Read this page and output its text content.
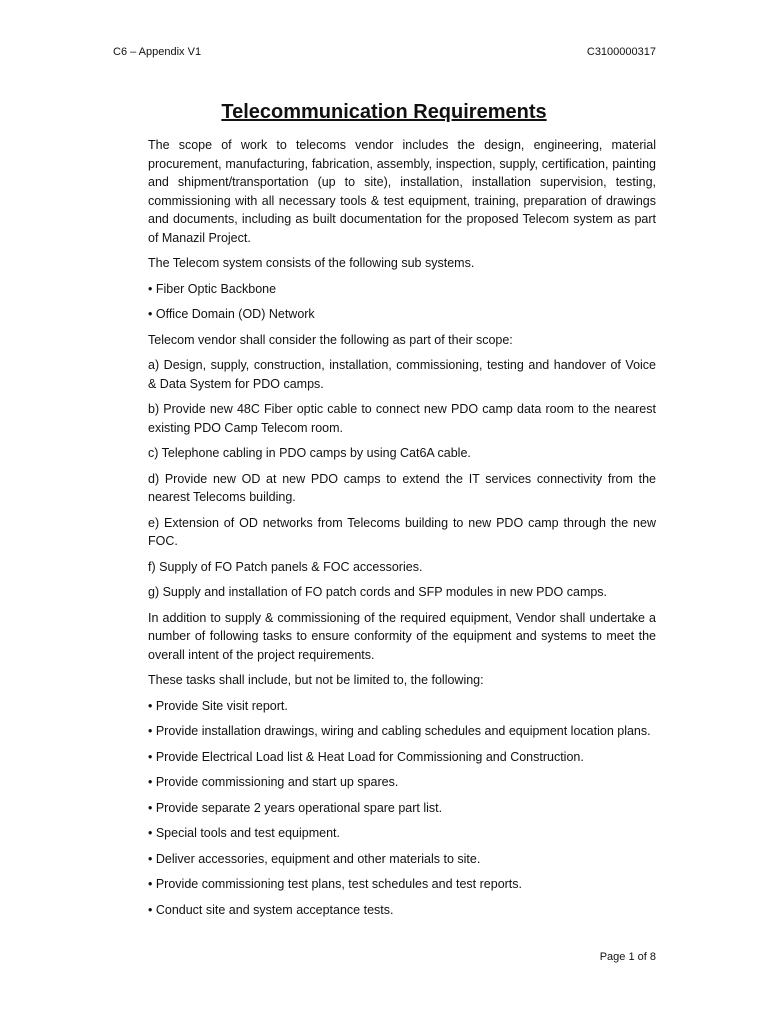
C6 – Appendix V1	C3100000317
Telecommunication Requirements

The scope of work to telecoms vendor includes the design, engineering, material procurement, manufacturing, fabrication, assembly, inspection, supply, certification, painting and shipment/transportation (up to site), installation, installation supervision, testing, commissioning with all necessary tools & test equipment, training, preparation of drawings and documents, including as built documentation for the proposed Telecom system as part of Manazil Project.

The Telecom system consists of the following sub systems.

• Fiber Optic Backbone

• Office Domain (OD) Network

Telecom vendor shall consider the following as part of their scope:

a) Design, supply, construction, installation, commissioning, testing and handover of Voice & Data System for PDO camps.

b) Provide new 48C Fiber optic cable to connect new PDO camp data room to the nearest existing PDO Camp Telecom room.

c) Telephone cabling in PDO camps by using Cat6A cable.

d) Provide new OD at new PDO camps to extend the IT services connectivity from the nearest Telecoms building.

e) Extension of OD networks from Telecoms building to new PDO camp through the new FOC.

f) Supply of FO Patch panels & FOC accessories.

g) Supply and installation of FO patch cords and SFP modules in new PDO camps.

In addition to supply & commissioning of the required equipment, Vendor shall undertake a number of following tasks to ensure conformity of the equipment and systems to meet the overall intent of the project requirements.

These tasks shall include, but not be limited to, the following:

• Provide Site visit report.

• Provide installation drawings, wiring and cabling schedules and equipment location plans.

• Provide Electrical Load list & Heat Load for Commissioning and Construction.

• Provide commissioning and start up spares.

• Provide separate 2 years operational spare part list.

• Special tools and test equipment.

• Deliver accessories, equipment and other materials to site.

• Provide commissioning test plans, test schedules and test reports.

• Conduct site and system acceptance tests.

Page 1 of 8
